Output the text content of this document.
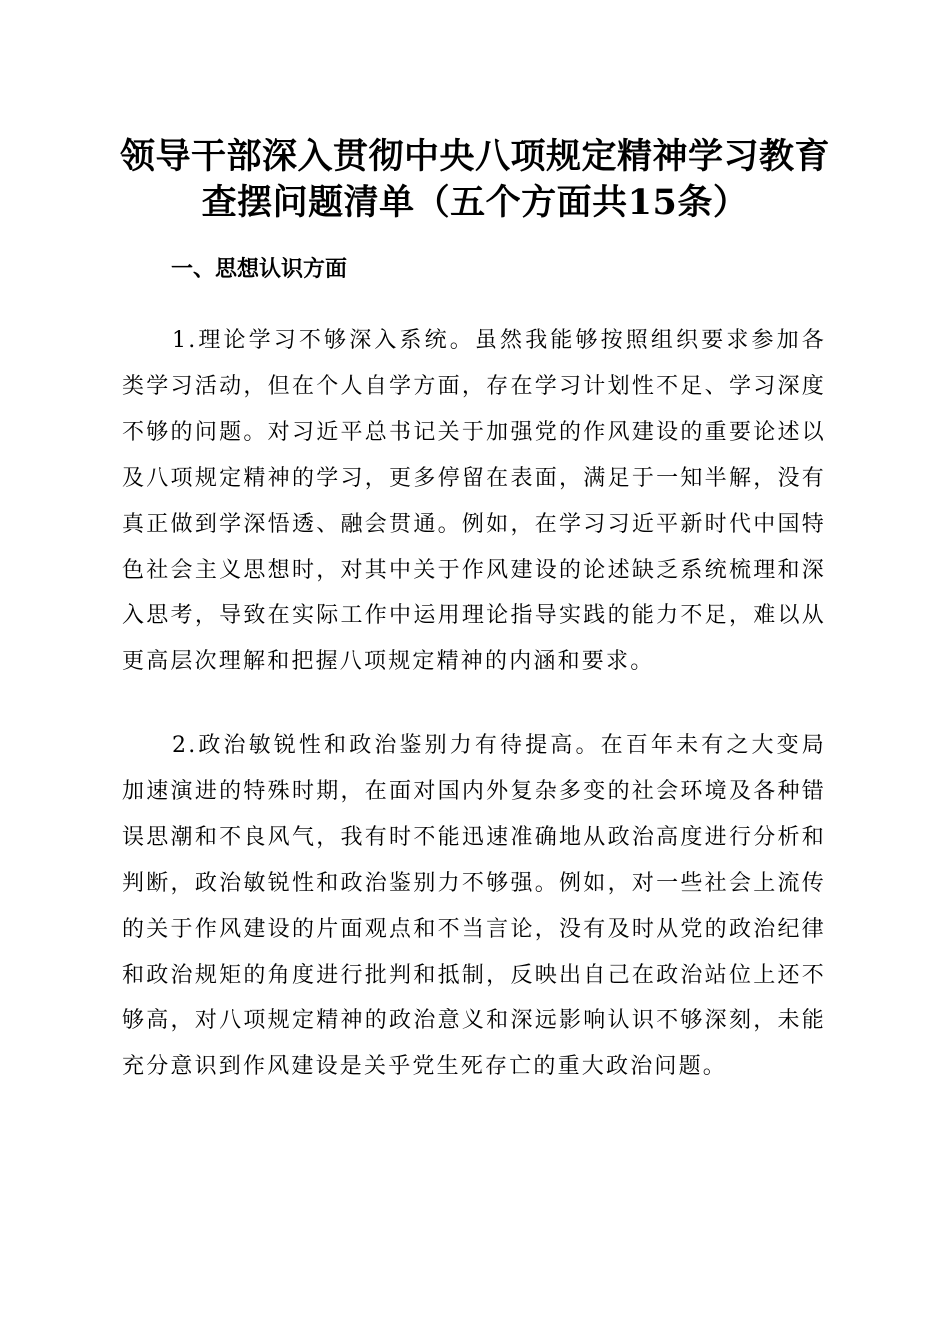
领导干部深入贯彻中央八项规定精神学习教育
查摆问题清单（五个方面共15条）
一、思想认识方面

1.理论学习不够深入系统。虽然我能够按照组织要求参加各类学习活动，但在个人自学方面，存在学习计划性不足、学习深度不够的问题。对习近平总书记关于加强党的作风建设的重要论述以及八项规定精神的学习，更多停留在表面，满足于一知半解，没有真正做到学深悟透、融会贯通。例如，在学习习近平新时代中国特色社会主义思想时，对其中关于作风建设的论述缺乏系统梳理和深入思考，导致在实际工作中运用理论指导实践的能力不足，难以从更高层次理解和把握八项规定精神的内涵和要求。

2.政治敏锐性和政治鉴别力有待提高。在百年未有之大变局加速演进的特殊时期，在面对国内外复杂多变的社会环境及各种错误思潮和不良风气，我有时不能迅速准确地从政治高度进行分析和判断，政治敏锐性和政治鉴别力不够强。例如，对一些社会上流传的关于作风建设的片面观点和不当言论，没有及时从党的政治纪律和政治规矩的角度进行批判和抵制，反映出自己在政治站位上还不够高，对八项规定精神的政治意义和深远影响认识不够深刻，未能充分意识到作风建设是关乎党生死存亡的重大政治问题。
